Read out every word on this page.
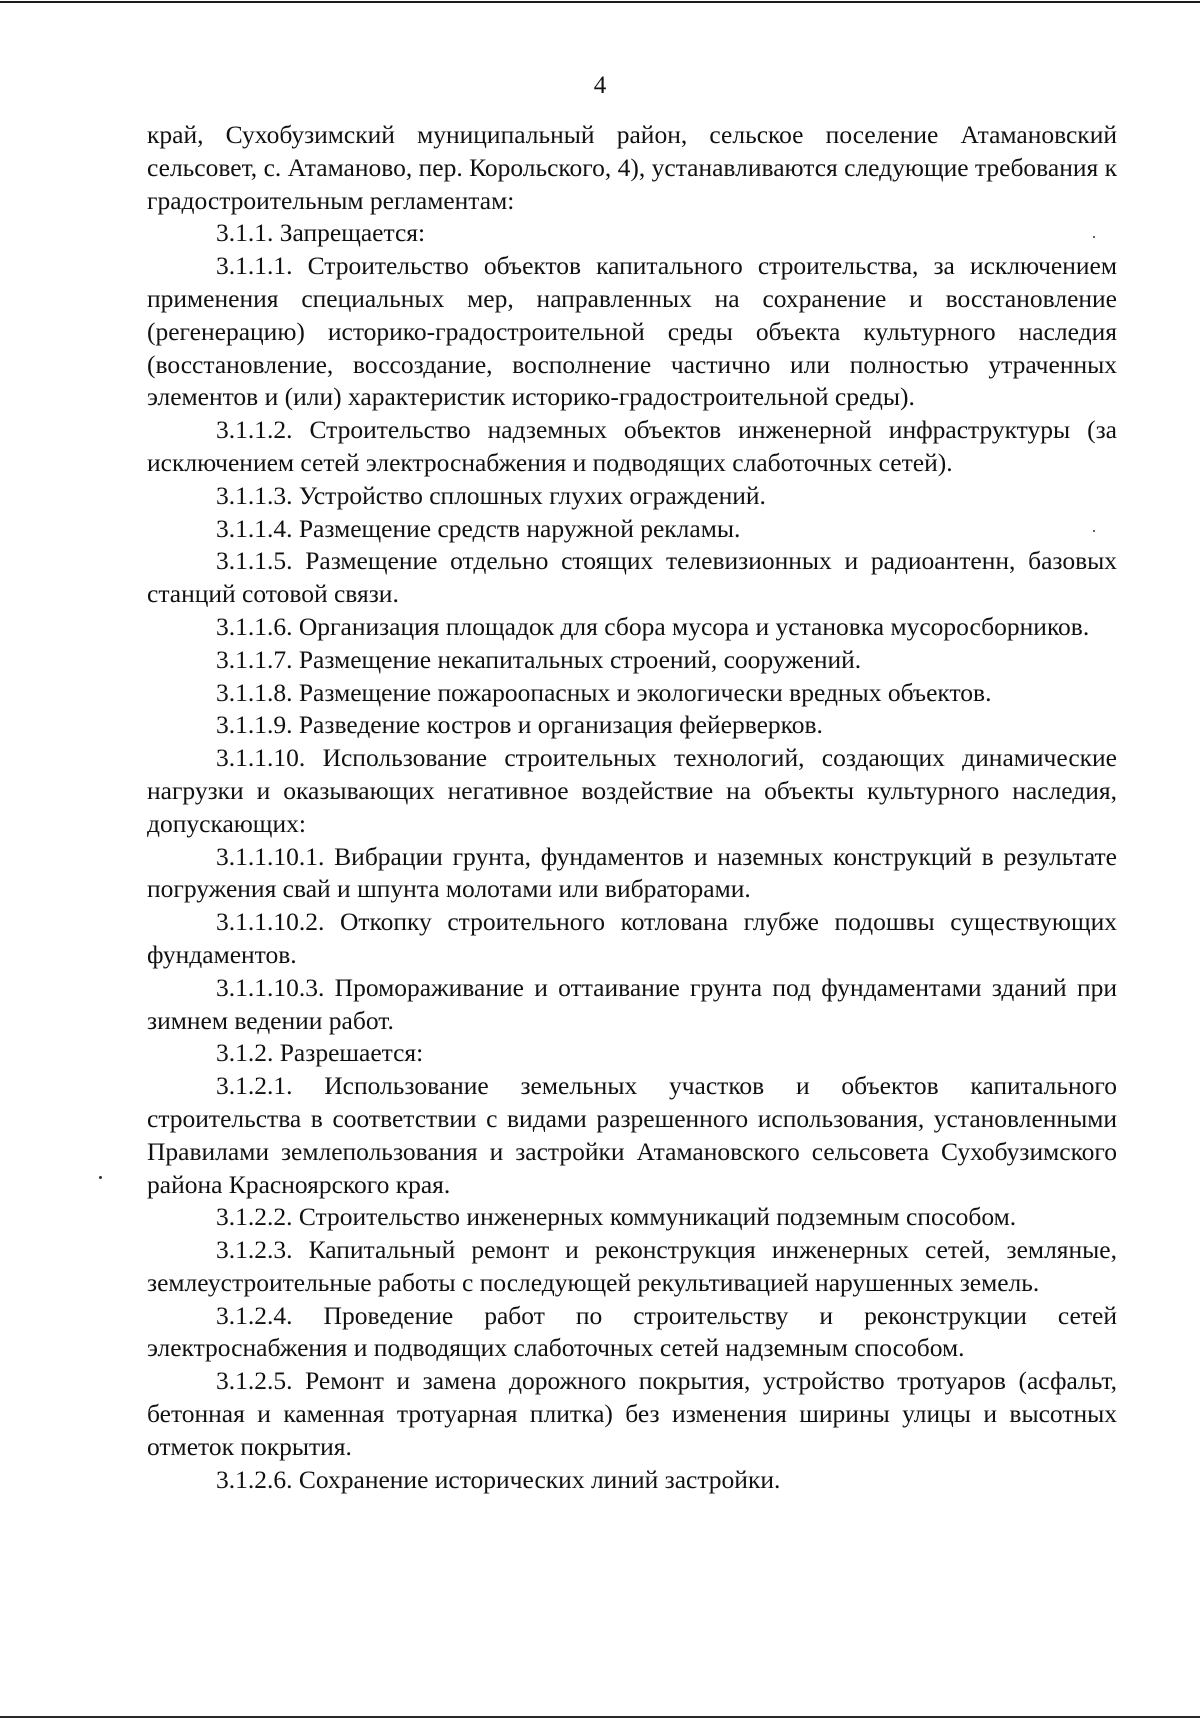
4

край, Сухобузимский муниципальный район, сельское поселение Атамановский сельсовет, с. Атаманово, пер. Корольского, 4), устанавливаются следующие требования к градостроительным регламентам:

3.1.1. Запрещается:

3.1.1.1. Строительство объектов капитального строительства, за исключением применения специальных мер, направленных на сохранение и восстановление (регенерацию) историко-градостроительной среды объекта культурного наследия (восстановление, воссоздание, восполнение частично или полностью утраченных элементов и (или) характеристик историко-градостроительной среды).

3.1.1.2. Строительство надземных объектов инженерной инфраструктуры (за исключением сетей электроснабжения и подводящих слаботочных сетей).

3.1.1.3. Устройство сплошных глухих ограждений.

3.1.1.4. Размещение средств наружной рекламы.

3.1.1.5. Размещение отдельно стоящих телевизионных и радиоантенн, базовых станций сотовой связи.

3.1.1.6. Организация площадок для сбора мусора и установка мусоросборников.

3.1.1.7. Размещение некапитальных строений, сооружений.

3.1.1.8. Размещение пожароопасных и экологически вредных объектов.

3.1.1.9. Разведение костров и организация фейерверков.

3.1.1.10. Использование строительных технологий, создающих динамические нагрузки и оказывающих негативное воздействие на объекты культурного наследия, допускающих:

3.1.1.10.1. Вибрации грунта, фундаментов и наземных конструкций в результате погружения свай и шпунта молотами или вибраторами.

3.1.1.10.2. Откопку строительного котлована глубже подошвы существующих фундаментов.

3.1.1.10.3. Промораживание и оттаивание грунта под фундаментами зданий при зимнем ведении работ.

3.1.2. Разрешается:

3.1.2.1. Использование земельных участков и объектов капитального строительства в соответствии с видами разрешенного использования, установленными Правилами землепользования и застройки Атамановского сельсовета Сухобузимского района Красноярского края.

3.1.2.2. Строительство инженерных коммуникаций подземным способом.

3.1.2.3. Капитальный ремонт и реконструкция инженерных сетей, земляные, землеустроительные работы с последующей рекультивацией нарушенных земель.

3.1.2.4. Проведение работ по строительству и реконструкции сетей электроснабжения и подводящих слаботочных сетей надземным способом.

3.1.2.5. Ремонт и замена дорожного покрытия, устройство тротуаров (асфальт, бетонная и каменная тротуарная плитка) без изменения ширины улицы и высотных отметок покрытия.

3.1.2.6. Сохранение исторических линий застройки.
